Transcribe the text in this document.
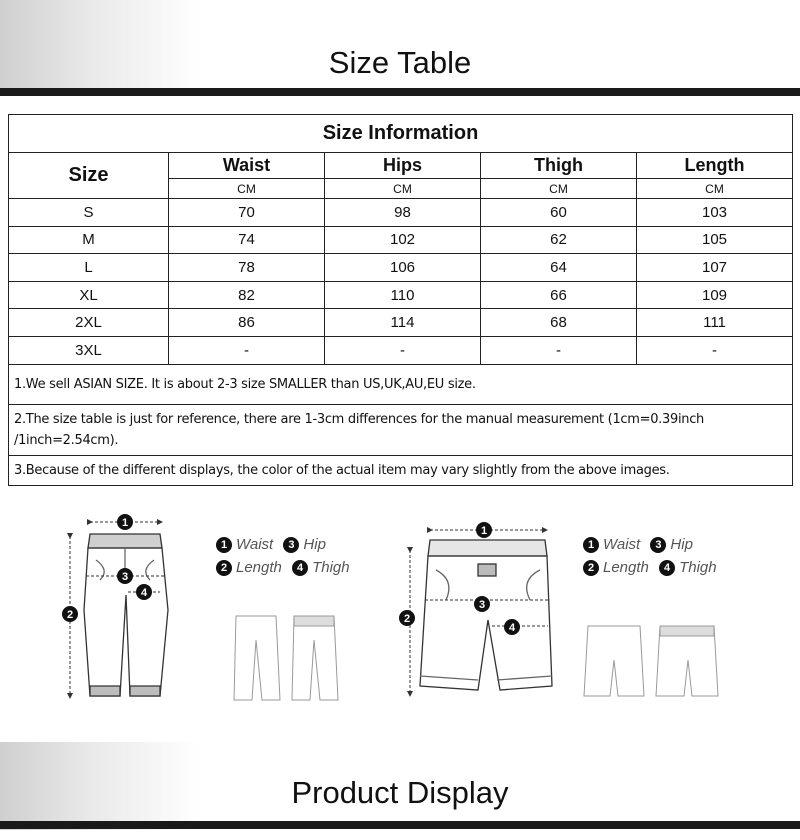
Size Table
Size Information				
Size	Waist	Hips	Thigh	Length
	CM	CM	CM	CM
S	70	98	60	103
M	74	102	62	105
L	78	106	64	107
XL	82	110	66	109
2XL	86	114	68	111
3XL	-	-	-	-
1.We sell ASIAN SIZE. It is about 2-3 size SMALLER than US,UK,AU,EU size.				
2.The size table is just for reference, there are 1-3cm differences for the manual measurement (1cm=0.39inch /1inch=2.54cm).				
3.Because of the different displays, the color of the actual item may vary slightly from the above images.				
1
2
3
4
1
2
3
4
1 Waist
	3 Hip
2 Length
	4 Thigh
1 Waist
	3 Hip
2 Length
	4 Thigh
Product Display
